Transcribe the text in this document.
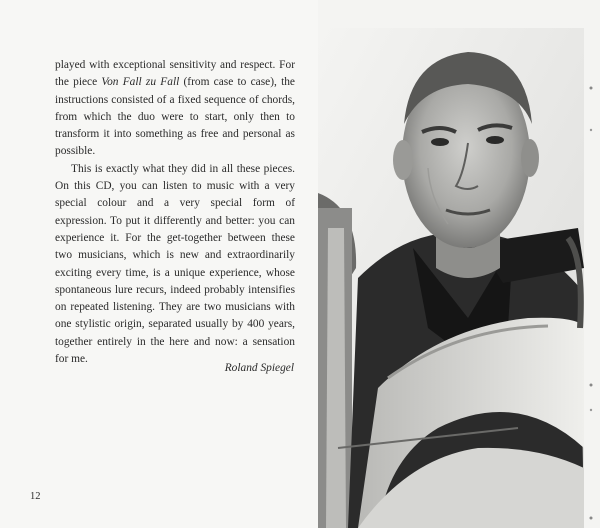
played with exceptional sensitivity and respect. For the piece Von Fall zu Fall (from case to case), the instructions consisted of a fixed sequence of chords, from which the duo were to start, only then to transform it into something as free and personal as possible.

This is exactly what they did in all these pieces. On this CD, you can listen to music with a very special colour and a very special form of expression. To put it differently and better: you can experience it. For the get-together between these two musicians, which is new and extraordinarily exciting every time, is a unique experience, whose spontaneous lure recurs, indeed probably intensifies on repeated listening. They are two musicians with one stylistic origin, separated usually by 400 years, together entirely in the here and now: a sensation for me.

Roland Spiegel
12
